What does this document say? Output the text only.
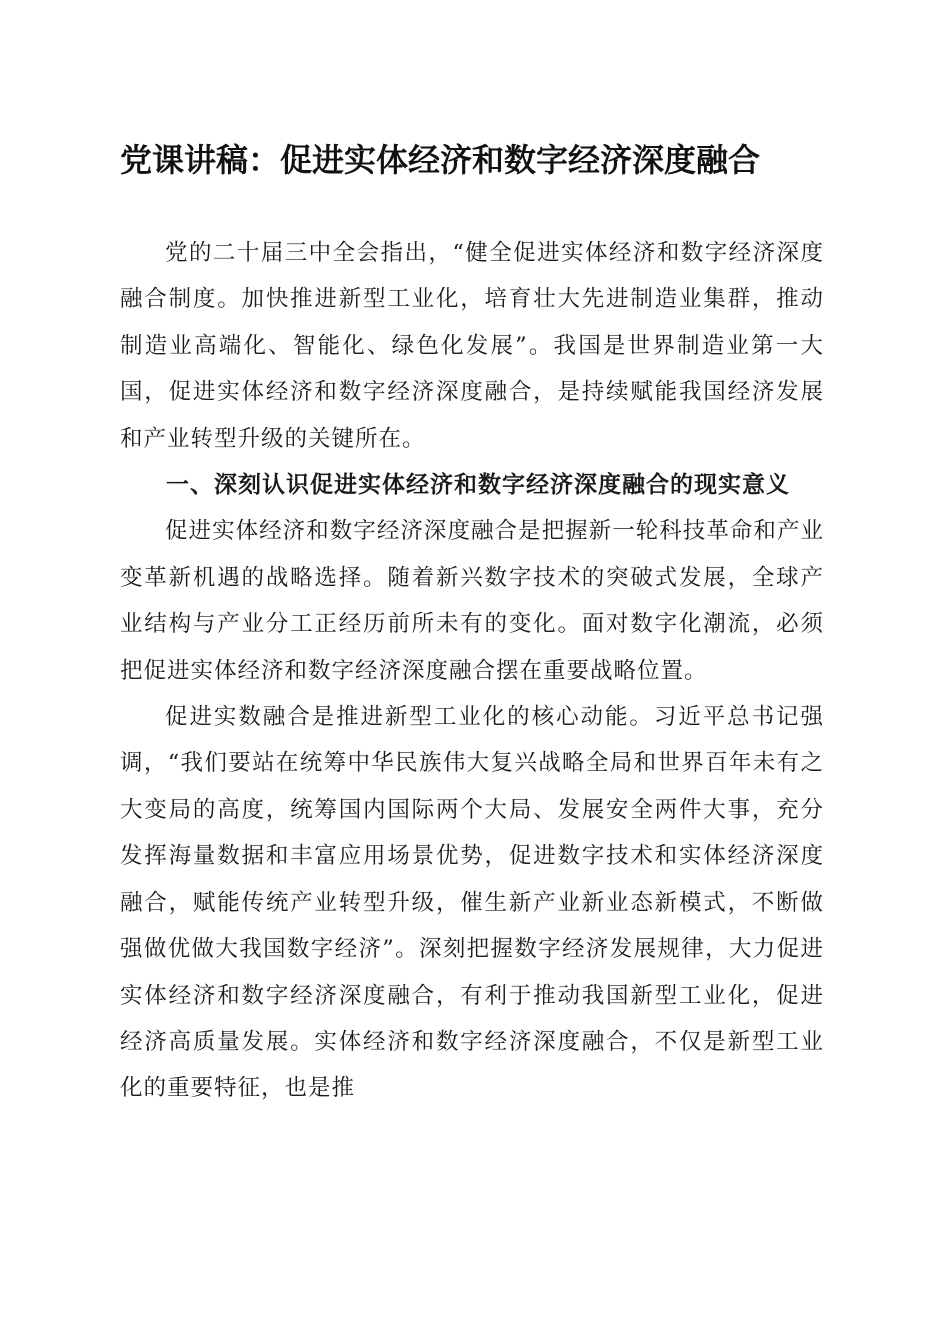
党课讲稿：促进实体经济和数字经济深度融合

党的二十届三中全会指出，“健全促进实体经济和数字经济深度融合制度。加快推进新型工业化，培育壮大先进制造业集群，推动制造业高端化、智能化、绿色化发展”。我国是世界制造业第一大国，促进实体经济和数字经济深度融合，是持续赋能我国经济发展和产业转型升级的关键所在。

一、深刻认识促进实体经济和数字经济深度融合的现实意义

促进实体经济和数字经济深度融合是把握新一轮科技革命和产业变革新机遇的战略选择。随着新兴数字技术的突破式发展，全球产业结构与产业分工正经历前所未有的变化。面对数字化潮流，必须把促进实体经济和数字经济深度融合摆在重要战略位置。

促进实数融合是推进新型工业化的核心动能。习近平总书记强调，“我们要站在统筹中华民族伟大复兴战略全局和世界百年未有之大变局的高度，统筹国内国际两个大局、发展安全两件大事，充分发挥海量数据和丰富应用场景优势，促进数字技术和实体经济深度融合，赋能传统产业转型升级，催生新产业新业态新模式，不断做强做优做大我国数字经济”。深刻把握数字经济发展规律，大力促进实体经济和数字经济深度融合，有利于推动我国新型工业化，促进经济高质量发展。实体经济和数字经济深度融合，不仅是新型工业化的重要特征，也是推
